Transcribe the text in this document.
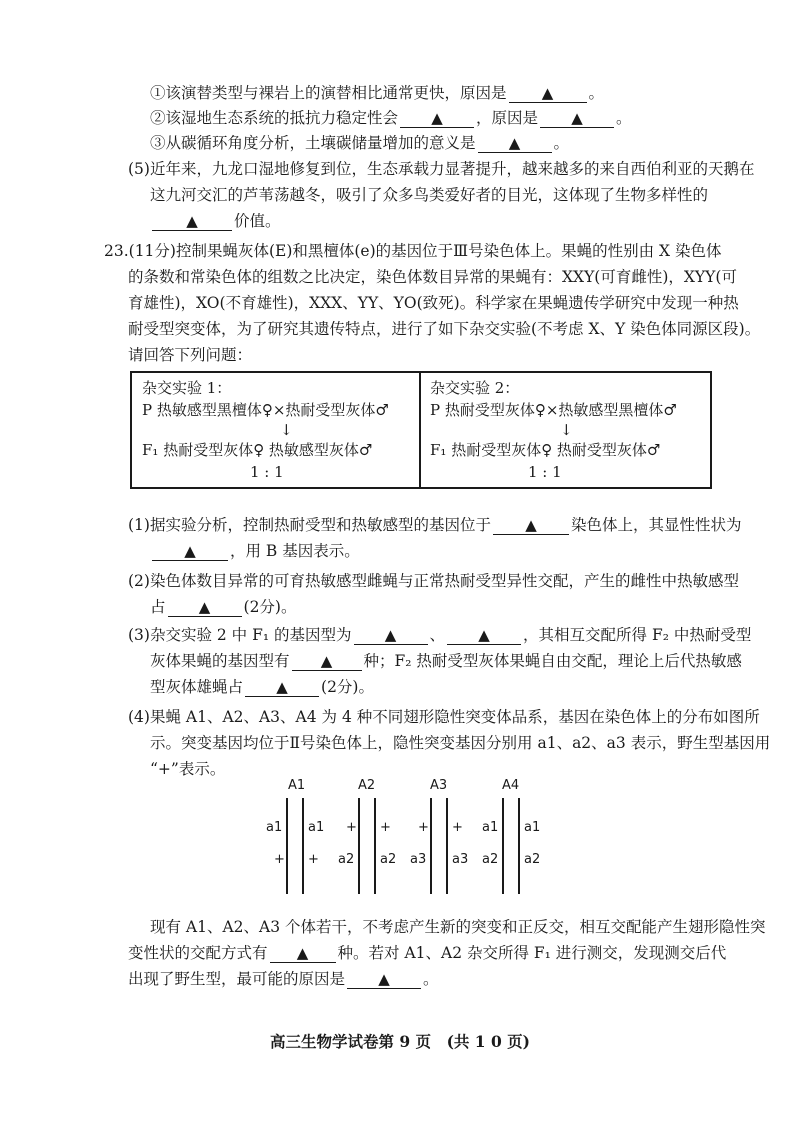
①该演替类型与裸岩上的演替相比通常更快，原因是 ▲ 。
②该湿地生态系统的抵抗力稳定性会 ▲ ，原因是 ▲ 。
③从碳循环角度分析，土壤碳储量增加的意义是 ▲ 。
(5)近年来，九龙口湿地修复到位，生态承载力显著提升，越来越多的来自西伯利亚的天鹅在
这九河交汇的芦苇荡越冬，吸引了众多鸟类爱好者的目光，这体现了生物多样性的
▲ 价值。
23.(11分)控制果蝇灰体(E)和黑檀体(e)的基因位于Ⅲ号染色体上。果蝇的性别由 X 染色体
的条数和常染色体的组数之比决定，染色体数目异常的果蝇有：XXY(可育雌性)，XYY(可
育雄性)，XO(不育雄性)，XXX、YY、YO(致死)。科学家在果蝇遗传学研究中发现一种热
耐受型突变体，为了研究其遗传特点，进行了如下杂交实验(不考虑 X、Y 染色体同源区段)。
请回答下列问题：
杂交实验 1：
P 热敏感型黑檀体♀×热耐受型灰体♂
↓
F₁ 热耐受型灰体♀ 热敏感型灰体♂
1 : 1
杂交实验 2：
P 热耐受型灰体♀×热敏感型黑檀体♂
↓
F₁ 热耐受型灰体♀ 热耐受型灰体♂
1 : 1
(1)据实验分析，控制热耐受型和热敏感型的基因位于 ▲ 染色体上，其显性性状为
▲ ，用 B 基因表示。
(2)染色体数目异常的可育热敏感型雌蝇与正常热耐受型异性交配，产生的雌性中热敏感型
占 ▲ (2分)。
(3)杂交实验 2 中 F₁ 的基因型为 ▲ 、 ▲ ，其相互交配所得 F₂ 中热耐受型
灰体果蝇的基因型有 ▲ 种；F₂ 热耐受型灰体果蝇自由交配，理论上后代热敏感
型灰体雄蝇占 ▲ (2分)。
(4)果蝇 A1、A2、A3、A4 为 4 种不同翅形隐性突变体品系，基因在染色体上的分布如图所
示。突变基因均位于Ⅱ号染色体上，隐性突变基因分别用 a1、a2、a3 表示，野生型基因用
“+”表示。
A1	A2	A3	A4
a1
+
a1
+
+
a2
+
a2
+
a3
+
a3
a1
a2
a1
a2
现有 A1、A2、A3 个体若干，不考虑产生新的突变和正反交，相互交配能产生翅形隐性突
变性状的交配方式有 ▲ 种。若对 A1、A2 杂交所得 F₁ 进行测交，发现测交后代
出现了野生型，最可能的原因是 ▲ 。
高三生物学试卷第 9 页　(共 1 0 页)
